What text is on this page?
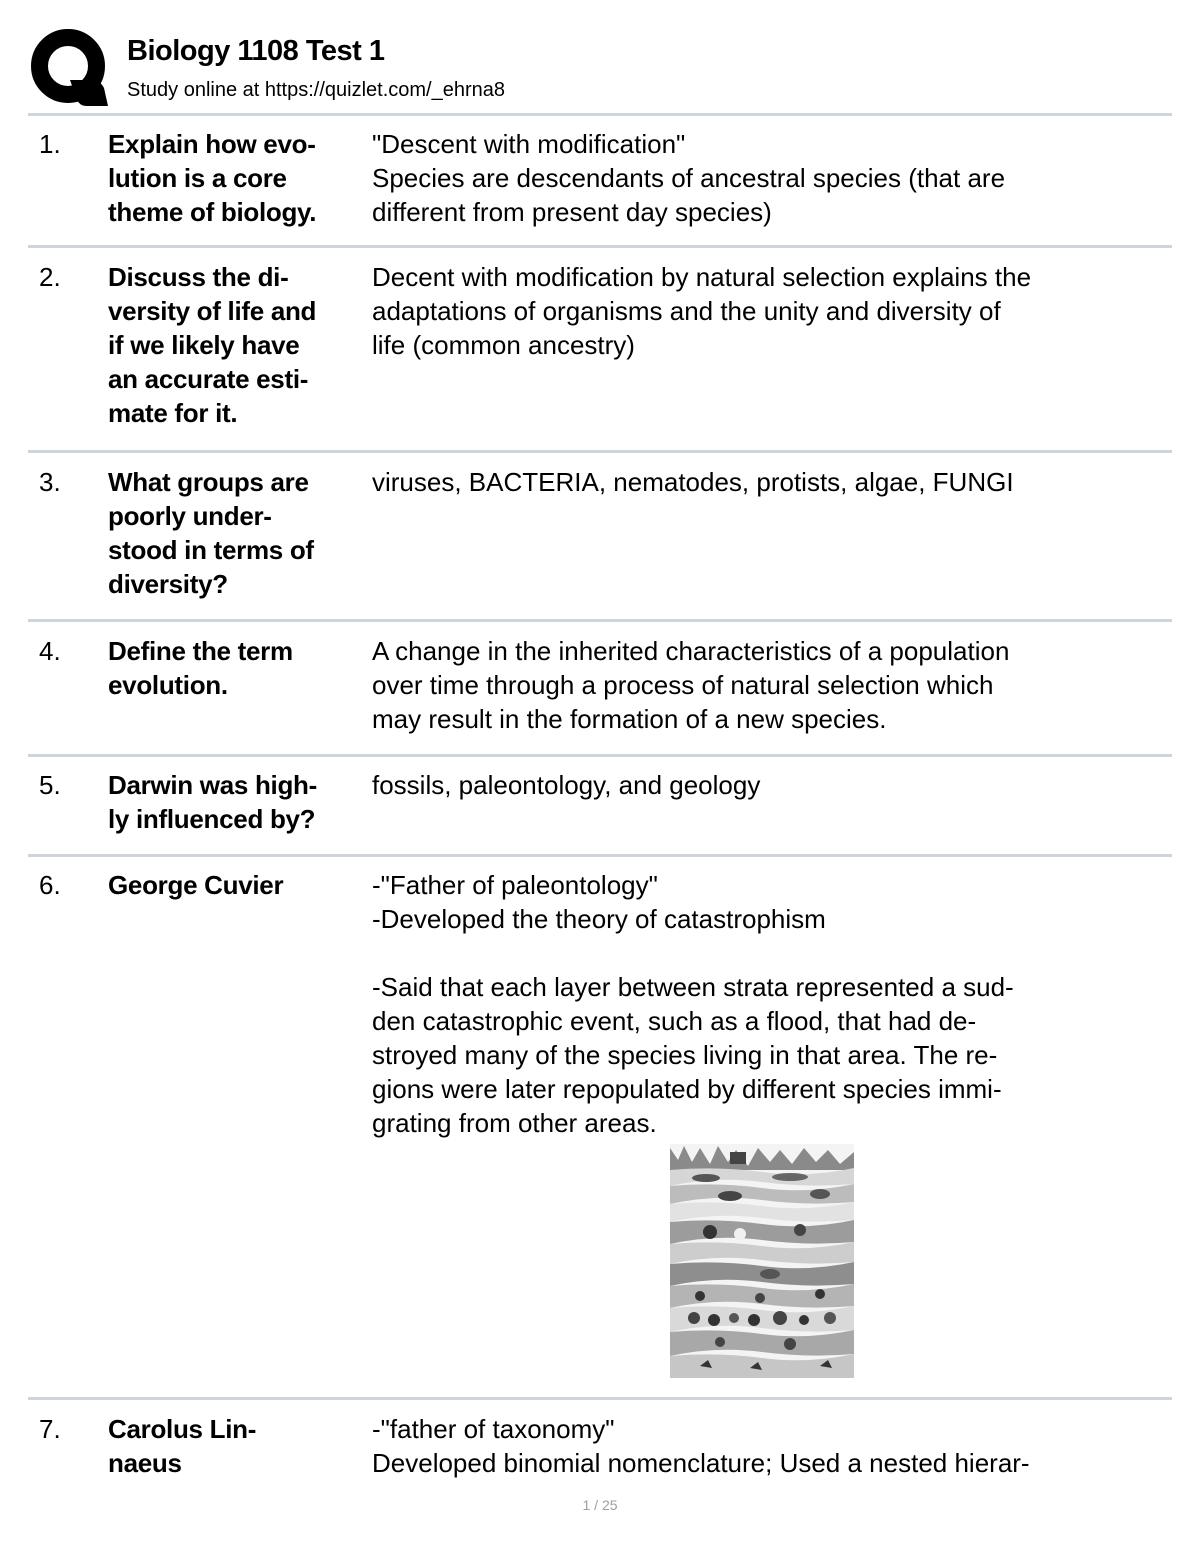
Biology 1108 Test 1
Study online at https://quizlet.com/_ehrna8
1. Explain how evo-
lution is a core
theme of biology.
"Descent with modification"
Species are descendants of ancestral species (that are
different from present day species)
2. Discuss the di-
versity of life and
if we likely have
an accurate esti-
mate for it.
Decent with modification by natural selection explains the
adaptations of organisms and the unity and diversity of
life (common ancestry)
3. What groups are
poorly under-
stood in terms of
diversity?
viruses, BACTERIA, nematodes, protists, algae, FUNGI
4. Define the term
evolution.
A change in the inherited characteristics of a population
over time through a process of natural selection which
may result in the formation of a new species.
5. Darwin was high-
ly influenced by?
fossils, paleontology, and geology
6. George Cuvier	-"Father of paleontology"
-Developed the theory of catastrophism
-Said that each layer between strata represented a sud-
den catastrophic event, such as a flood, that had de-
stroyed many of the species living in that area. The re-
gions were later repopulated by different species immi-
grating from other areas.
7. Carolus Lin-
naeus
-"father of taxonomy"
Developed binomial nomenclature; Used a nested hierar-
1 / 25
